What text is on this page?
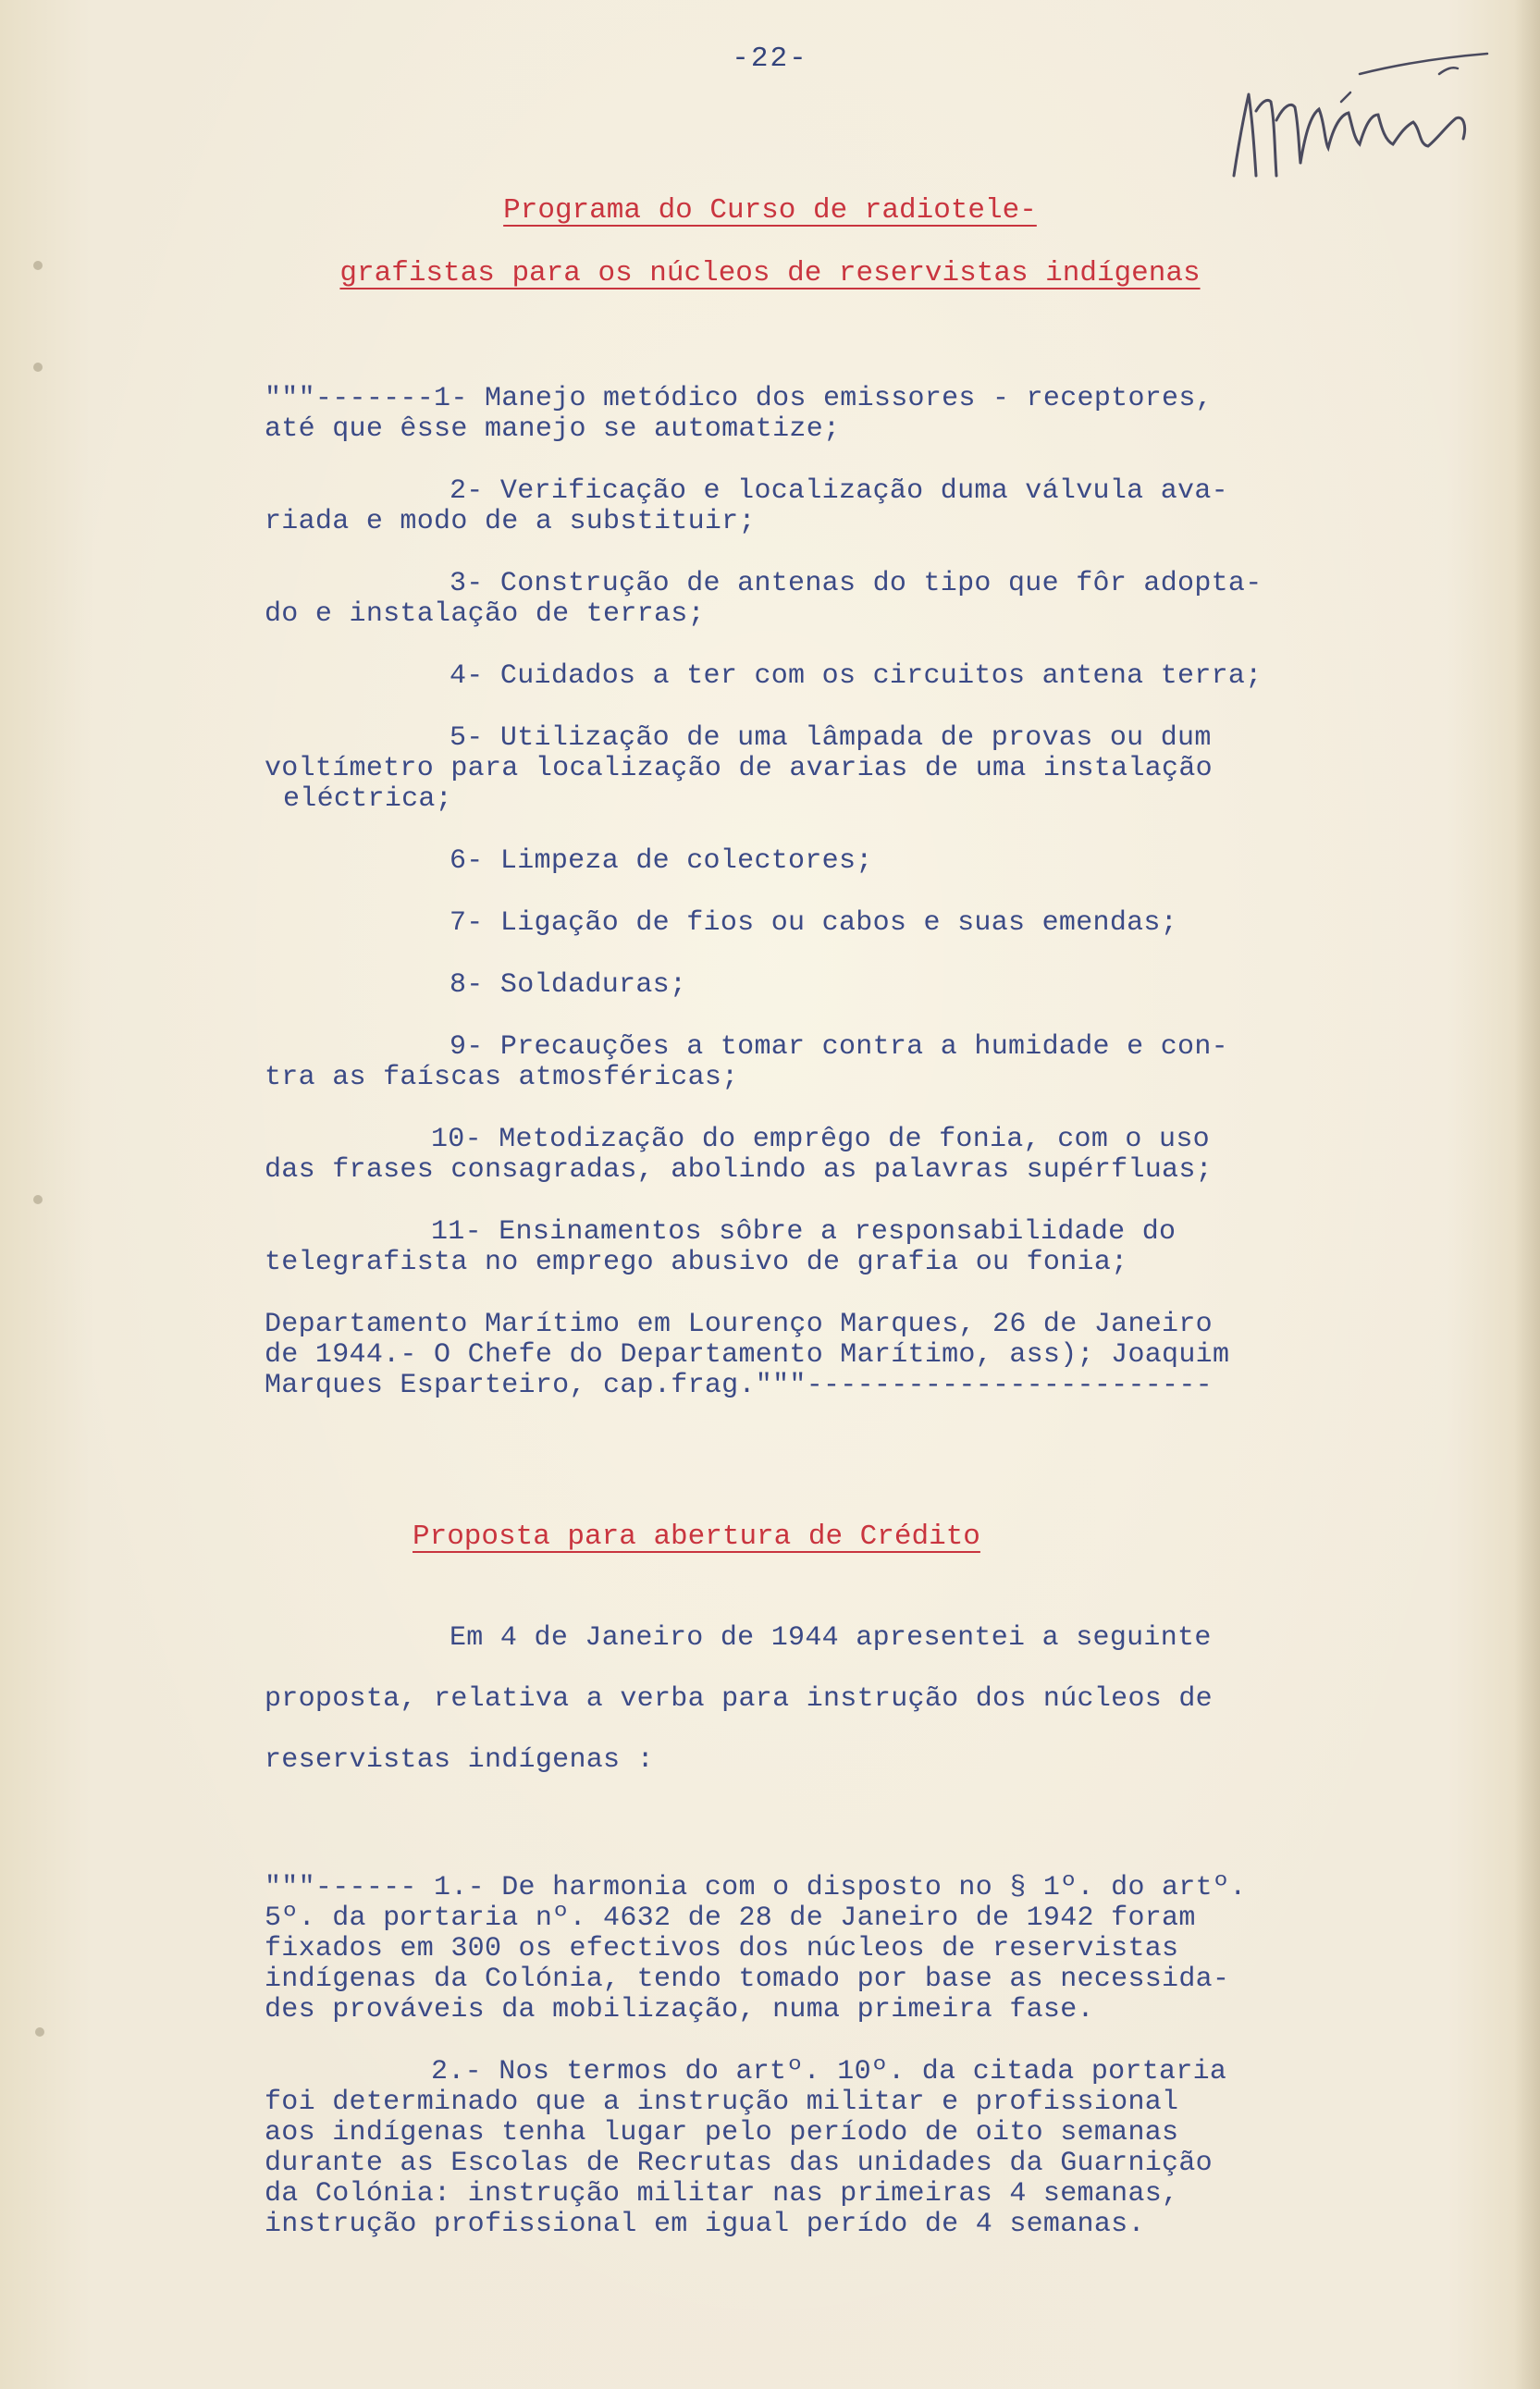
-22-
Programa do Curso de radiotele-
grafistas para os núcleos de reservistas indígenas
"""-------1- Manejo metódico dos emissores - receptores,
até que êsse manejo se automatize;
2- Verificação e localização duma válvula ava-
riada e modo de a substituir;
3- Construção de antenas do tipo que fôr adopta-
do e instalação de terras;
4- Cuidados a ter com os circuitos antena terra;
5- Utilização de uma lâmpada de provas ou dum
voltímetro para localização de avarias de uma instalação
eléctrica;
6- Limpeza de colectores;
7- Ligação de fios ou cabos e suas emendas;
8- Soldaduras;
9- Precauções a tomar contra a humidade e con-
tra as faíscas atmosféricas;
10- Metodização do emprêgo de fonia, com o uso
das frases consagradas, abolindo as palavras supérfluas;
11- Ensinamentos sôbre a responsabilidade do
telegrafista no emprego abusivo de grafia ou fonia;
Departamento Marítimo em Lourenço Marques, 26 de Janeiro
de 1944.- O Chefe do Departamento Marítimo, ass); Joaquim
Marques Esparteiro, cap.frag."""------------------------
Proposta para abertura de Crédito
Em 4 de Janeiro de 1944 apresentei a seguinte
proposta, relativa a verba para instrução dos núcleos de
reservistas indígenas :
"""------ 1.- De harmonia com o disposto no § 1º. do artº.
5º. da portaria nº. 4632 de 28 de Janeiro de 1942 foram
fixados em 300 os efectivos dos núcleos de reservistas
indígenas da Colónia, tendo tomado por base as necessida-
des prováveis da mobilização, numa primeira fase.
2.- Nos termos do artº. 10º. da citada portaria
foi determinado que a instrução militar e profissional
aos indígenas tenha lugar pelo período de oito semanas
durante as Escolas de Recrutas das unidades da Guarnição
da Colónia: instrução militar nas primeiras 4 semanas,
instrução profissional em igual perído de 4 semanas.
